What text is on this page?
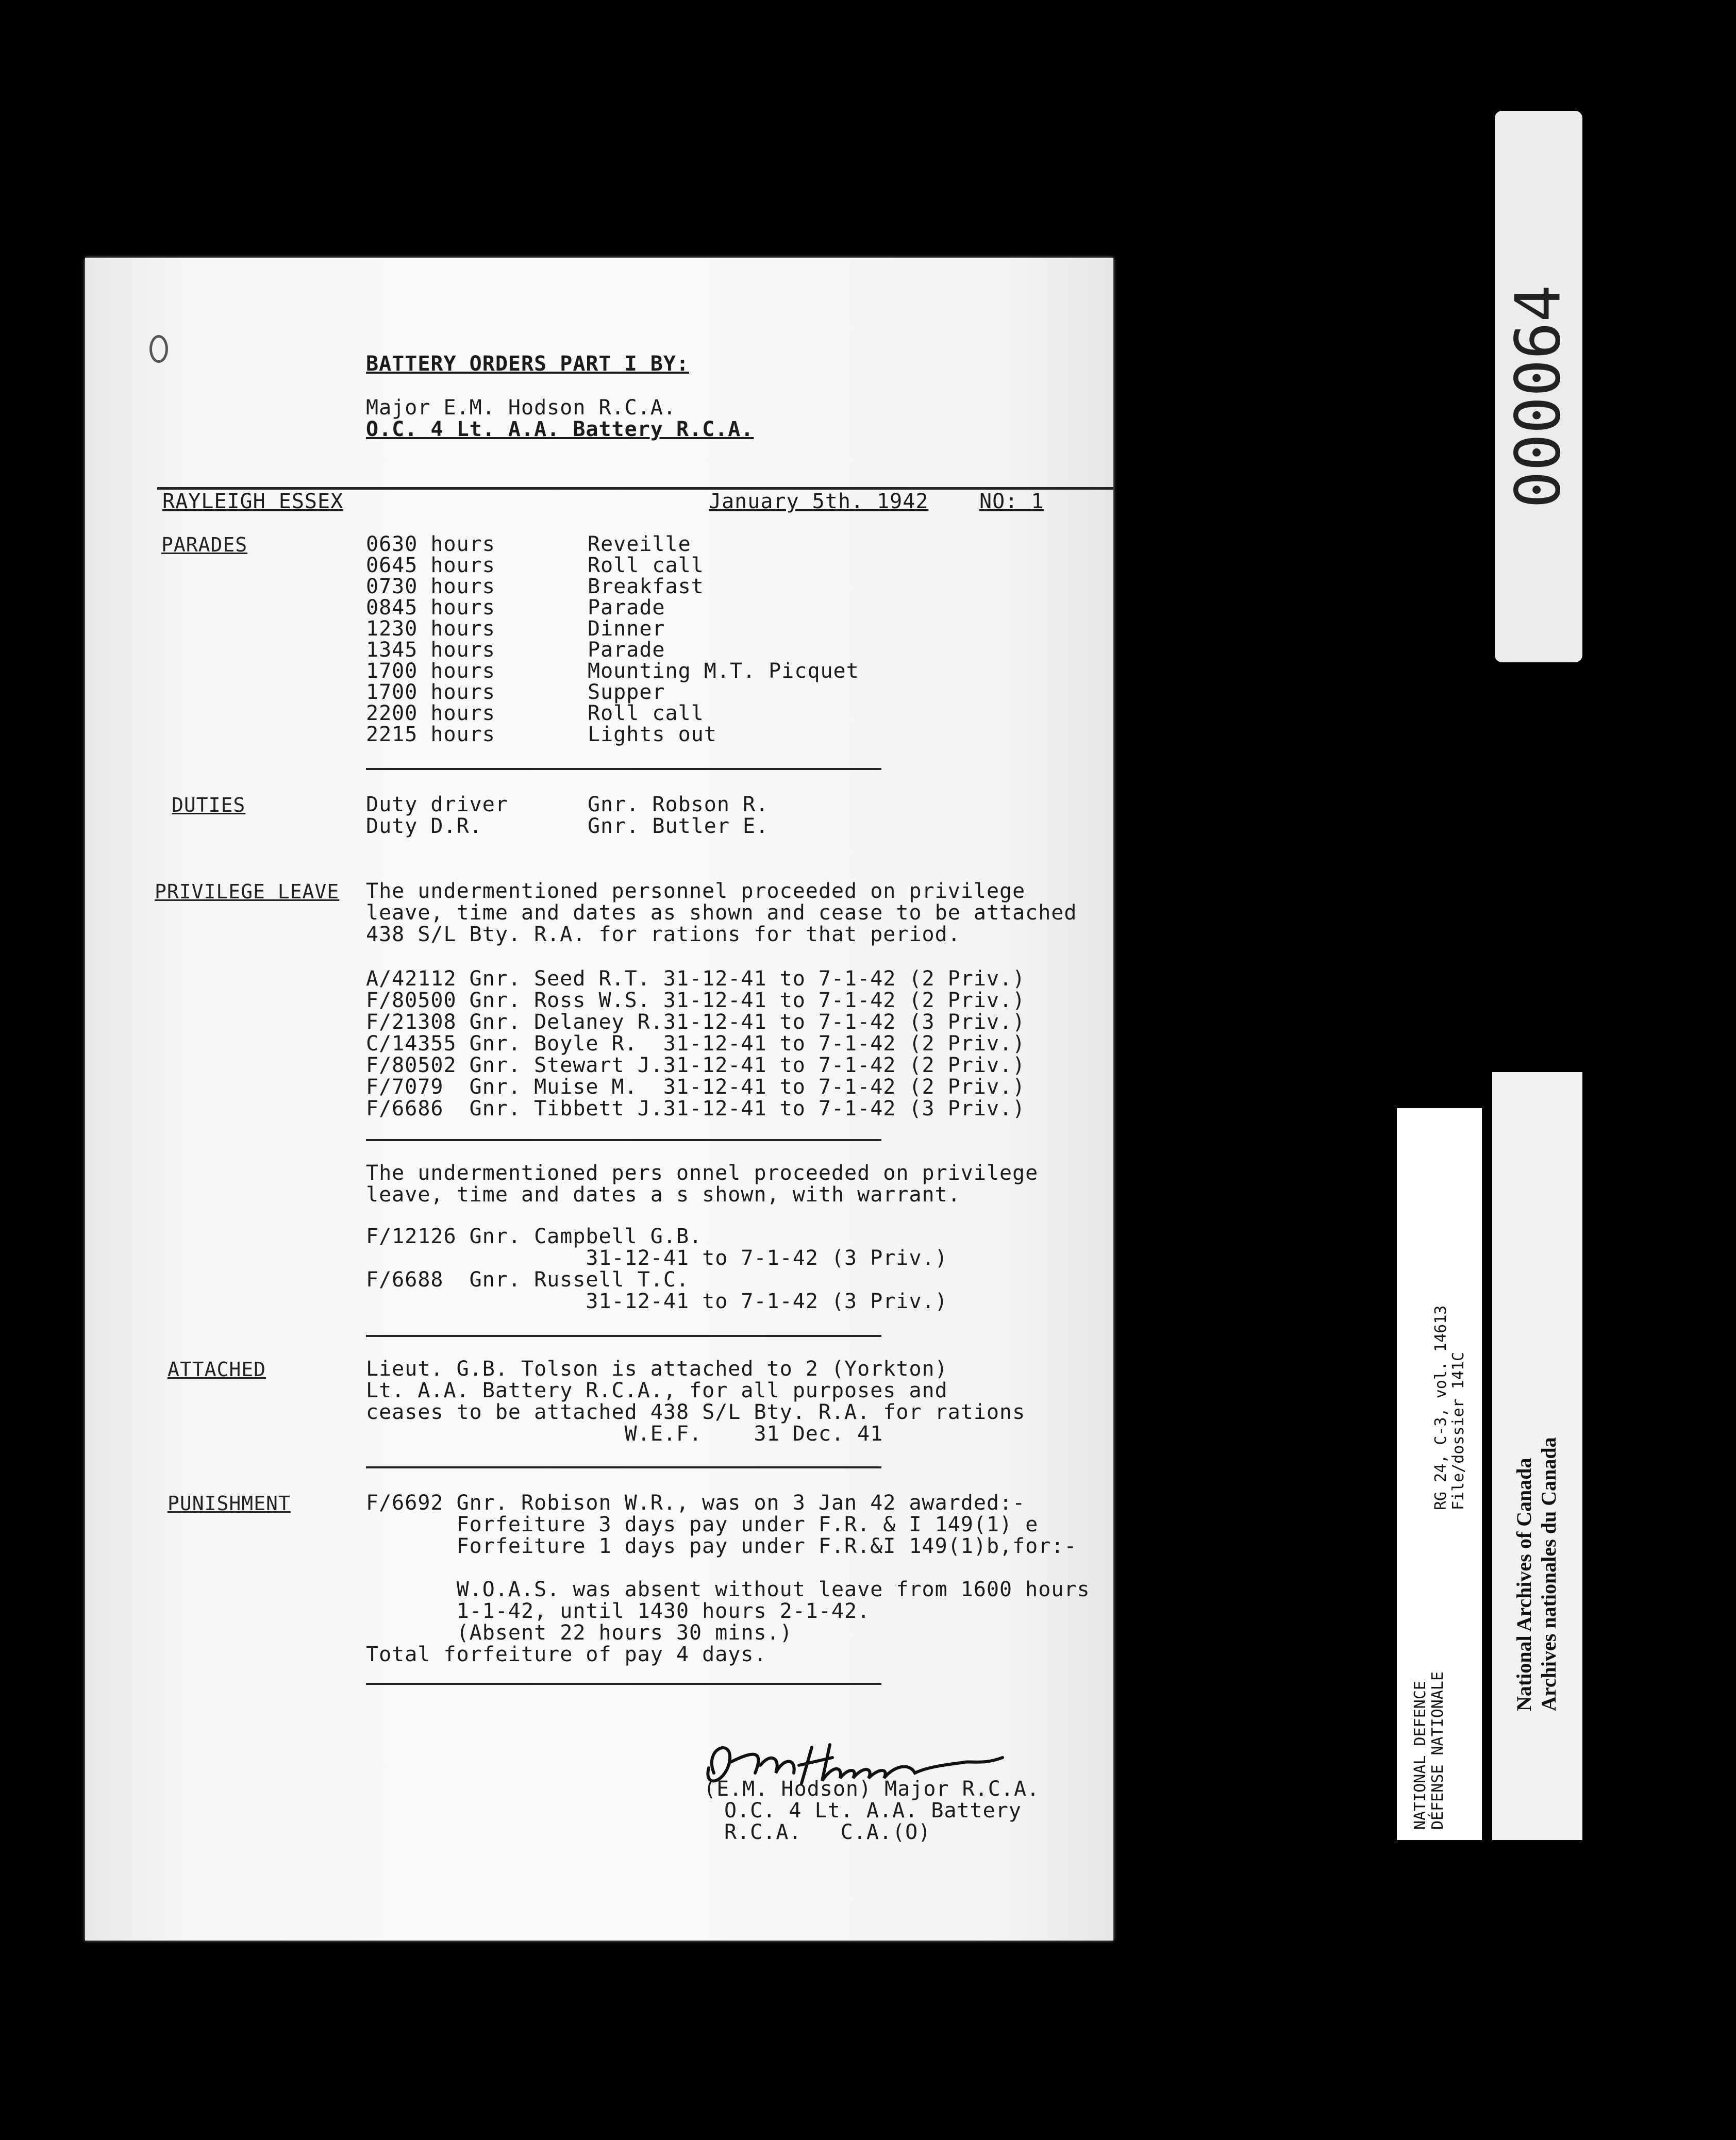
BATTERY ORDERS PART I BY:
Major E.M. Hodson R.C.A.
O.C. 4 Lt. A.A. Battery R.C.A.
RAYLEIGH ESSEX	January 5th. 1942 NO: 1
PARADES	0630 hours	Reveille
0645 hours	Roll call
0730 hours	Breakfast
0845 hours	Parade
1230 hours	Dinner
1345 hours	Parade
1700 hours	Mounting M.T. Picquet
1700 hours	Supper
2200 hours	Roll call
2215 hours	Lights out
DUTIES	Duty driver	Gnr. Robson R.
Duty D.R.	Gnr. Butler E.
PRIVILEGE LEAVE The undermentioned personnel proceeded on privilege
leave, time and dates as shown and cease to be attached
438 S/L Bty. R.A. for rations for that period.
A/42112 Gnr. Seed R.T. 31-12-41 to 7-1-42 (2 Priv.)
F/80500 Gnr. Ross W.S. 31-12-41 to 7-1-42 (2 Priv.)
F/21308 Gnr. Delaney R.31-12-41 to 7-1-42 (3 Priv.)
C/14355 Gnr. Boyle R.  31-12-41 to 7-1-42 (2 Priv.)
F/80502 Gnr. Stewart J.31-12-41 to 7-1-42 (2 Priv.)
F/7079  Gnr. Muise M.  31-12-41 to 7-1-42 (2 Priv.)
F/6686  Gnr. Tibbett J.31-12-41 to 7-1-42 (3 Priv.)
The undermentioned pers onnel proceeded on privilege
leave, time and dates a s shown, with warrant.
F/12126 Gnr. Campbell G.B.
31-12-41 to 7-1-42 (3 Priv.)
F/6688  Gnr. Russell T.C.
31-12-41 to 7-1-42 (3 Priv.)
ATTACHED	Lieut. G.B. Tolson is attached to 2 (Yorkton)
Lt. A.A. Battery R.C.A., for all purposes and
ceases to be attached 438 S/L Bty. R.A. for rations
W.E.F.    31 Dec. 41
PUNISHMENT	F/6692 Gnr. Robison W.R., was on 3 Jan 42 awarded:-
Forfeiture 3 days pay under F.R. & I 149(1) e
Forfeiture 1 days pay under F.R.&I 149(1)b,for:-
W.O.A.S. was absent without leave from 1600 hours
1-1-42, until 1430 hours 2-1-42.
(Absent 22 hours 30 mins.)
Total forfeiture of pay 4 days.
(E.M. Hodson) Major R.C.A.
O.C. 4 Lt. A.A. Battery
R.C.A.   C.A.(O)
000064
NATIONAL DEFENCE DÉFENSE NATIONALE
RG 24, C-3, vol. 14613 File/dossier 141C
National Archives of Canada Archives nationales du Canada
